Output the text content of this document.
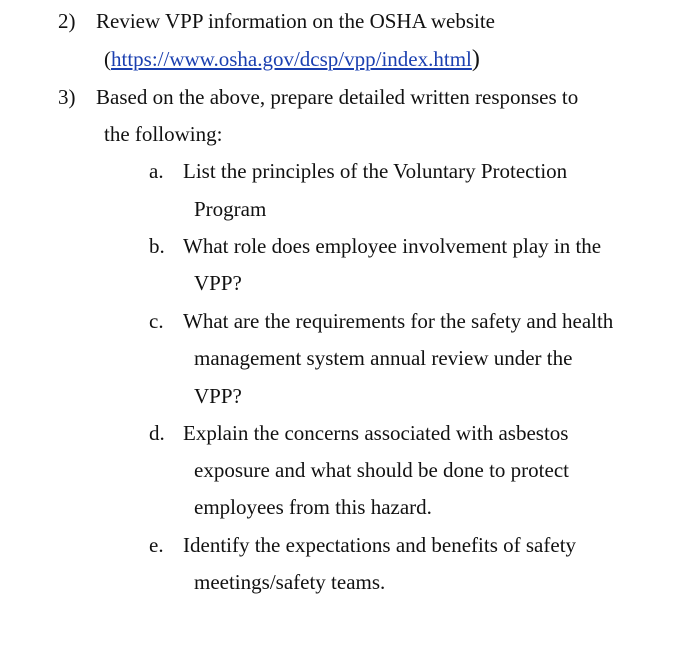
2) Review VPP information on the OSHA website
(https://www.osha.gov/dcsp/vpp/index.html)
3) Based on the above, prepare detailed written responses to
the following:
a. List the principles of the Voluntary Protection
Program
b. What role does employee involvement play in the
VPP?
c. What are the requirements for the safety and health
management system annual review under the
VPP?
d. Explain the concerns associated with asbestos
exposure and what should be done to protect
employees from this hazard.
e. Identify the expectations and benefits of safety
meetings/safety teams.
